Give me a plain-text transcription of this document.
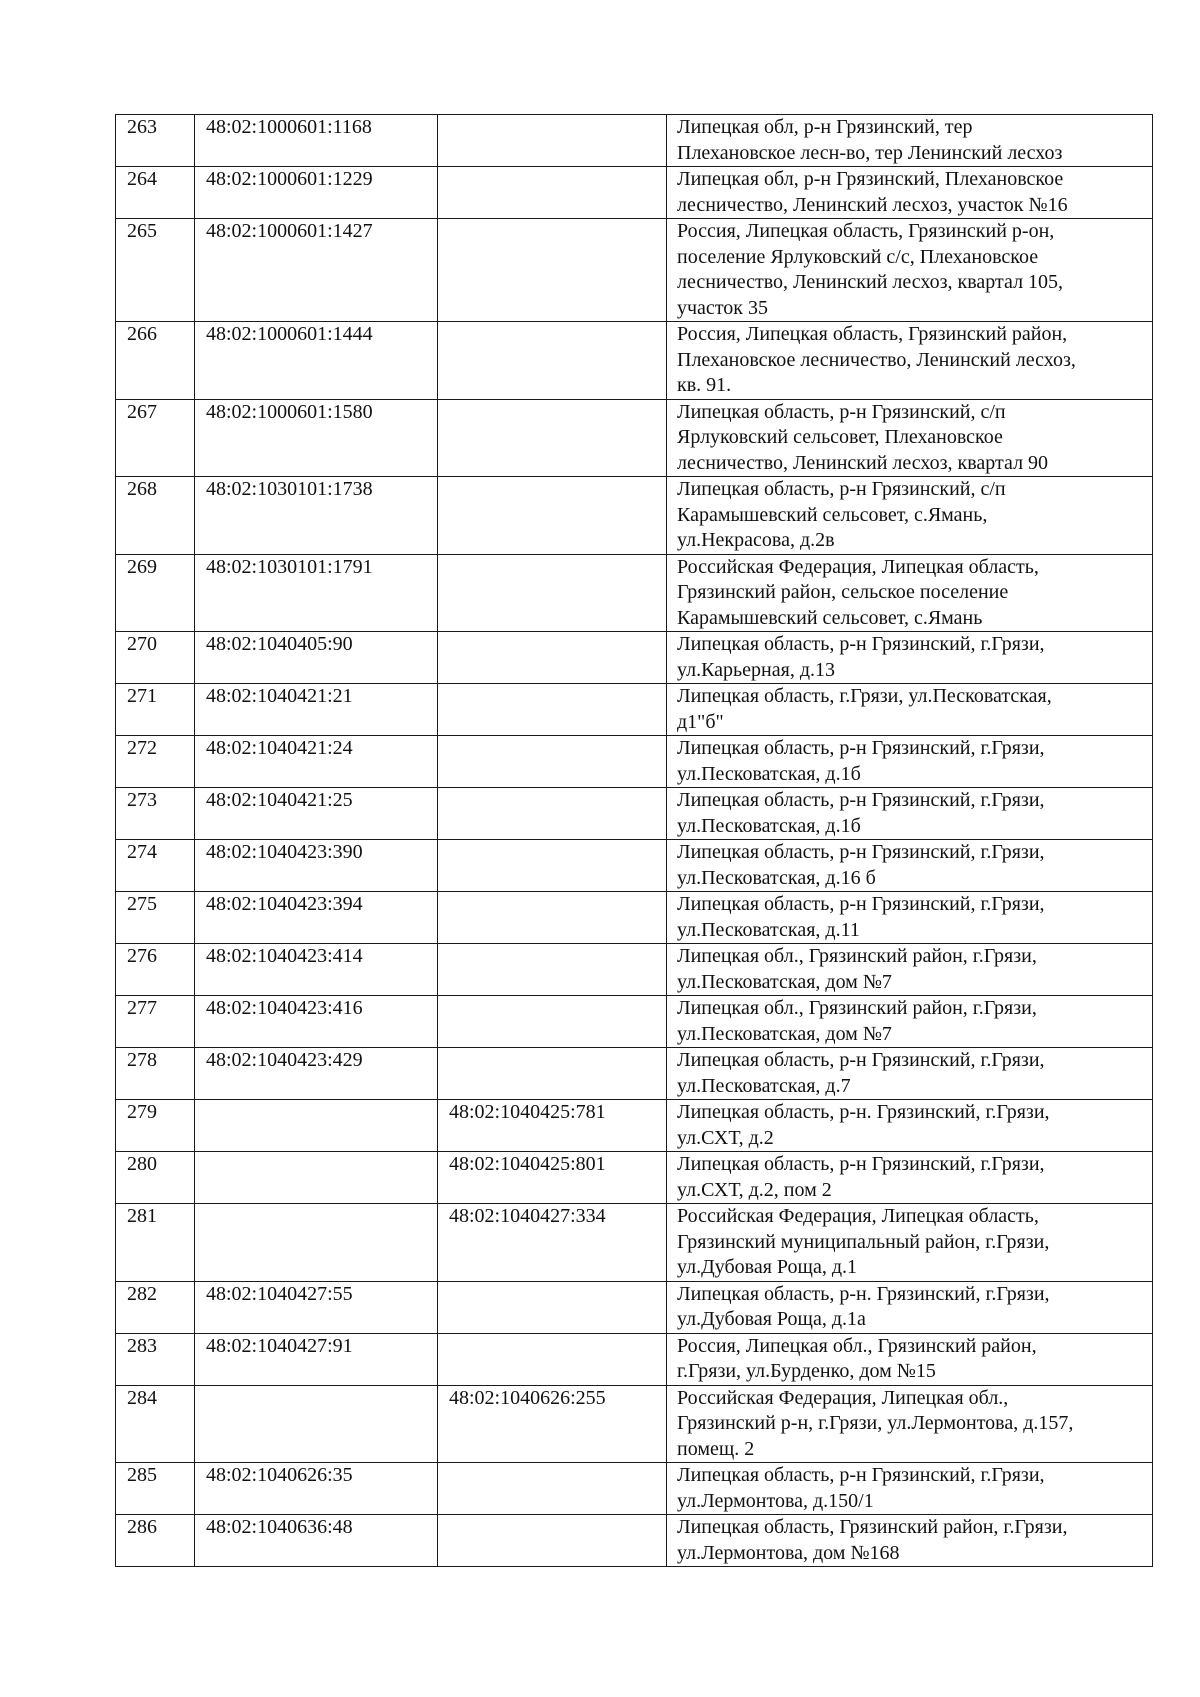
263	48:02:1000601:1168		Липецкая обл, р-н Грязинский, тер
Плехановское лесн-во, тер Ленинский лесхоз
264	48:02:1000601:1229		Липецкая обл, р-н Грязинский, Плехановское
лесничество, Ленинский лесхоз, участок №16
265	48:02:1000601:1427		Россия, Липецкая область, Грязинский р-он,
поселение Ярлуковский с/с, Плехановское
лесничество, Ленинский лесхоз, квартал 105,
участок 35
266	48:02:1000601:1444		Россия, Липецкая область, Грязинский район,
Плехановское лесничество, Ленинский лесхоз,
кв. 91.
267	48:02:1000601:1580		Липецкая область, р-н Грязинский, с/п
Ярлуковский сельсовет, Плехановское
лесничество, Ленинский лесхоз, квартал 90
268	48:02:1030101:1738		Липецкая область, р-н Грязинский, с/п
Карамышевский сельсовет, с.Ямань,
ул.Некрасова, д.2в
269	48:02:1030101:1791		Российская Федерация, Липецкая область,
Грязинский район, сельское поселение
Карамышевский сельсовет, с.Ямань
270	48:02:1040405:90		Липецкая область, р-н Грязинский, г.Грязи,
ул.Карьерная, д.13
271	48:02:1040421:21		Липецкая область, г.Грязи, ул.Песковатская,
д1"б"
272	48:02:1040421:24		Липецкая область, р-н Грязинский, г.Грязи,
ул.Песковатская, д.1б
273	48:02:1040421:25		Липецкая область, р-н Грязинский, г.Грязи,
ул.Песковатская, д.1б
274	48:02:1040423:390		Липецкая область, р-н Грязинский, г.Грязи,
ул.Песковатская, д.16 б
275	48:02:1040423:394		Липецкая область, р-н Грязинский, г.Грязи,
ул.Песковатская, д.11
276	48:02:1040423:414		Липецкая обл., Грязинский район, г.Грязи,
ул.Песковатская, дом №7
277	48:02:1040423:416		Липецкая обл., Грязинский район, г.Грязи,
ул.Песковатская, дом №7
278	48:02:1040423:429		Липецкая область, р-н Грязинский, г.Грязи,
ул.Песковатская, д.7
279		48:02:1040425:781	Липецкая область, р-н. Грязинский, г.Грязи,
ул.СХТ, д.2
280		48:02:1040425:801	Липецкая область, р-н Грязинский, г.Грязи,
ул.СХТ, д.2, пом 2
281		48:02:1040427:334	Российская Федерация, Липецкая область,
Грязинский муниципальный район, г.Грязи,
ул.Дубовая Роща, д.1
282	48:02:1040427:55		Липецкая область, р-н. Грязинский, г.Грязи,
ул.Дубовая Роща, д.1а
283	48:02:1040427:91		Россия, Липецкая обл., Грязинский район,
г.Грязи, ул.Бурденко, дом №15
284		48:02:1040626:255	Российская Федерация, Липецкая обл.,
Грязинский р-н, г.Грязи, ул.Лермонтова, д.157,
помещ. 2
285	48:02:1040626:35		Липецкая область, р-н Грязинский, г.Грязи,
ул.Лермонтова, д.150/1
286	48:02:1040636:48		Липецкая область, Грязинский район, г.Грязи,
ул.Лермонтова, дом №168
